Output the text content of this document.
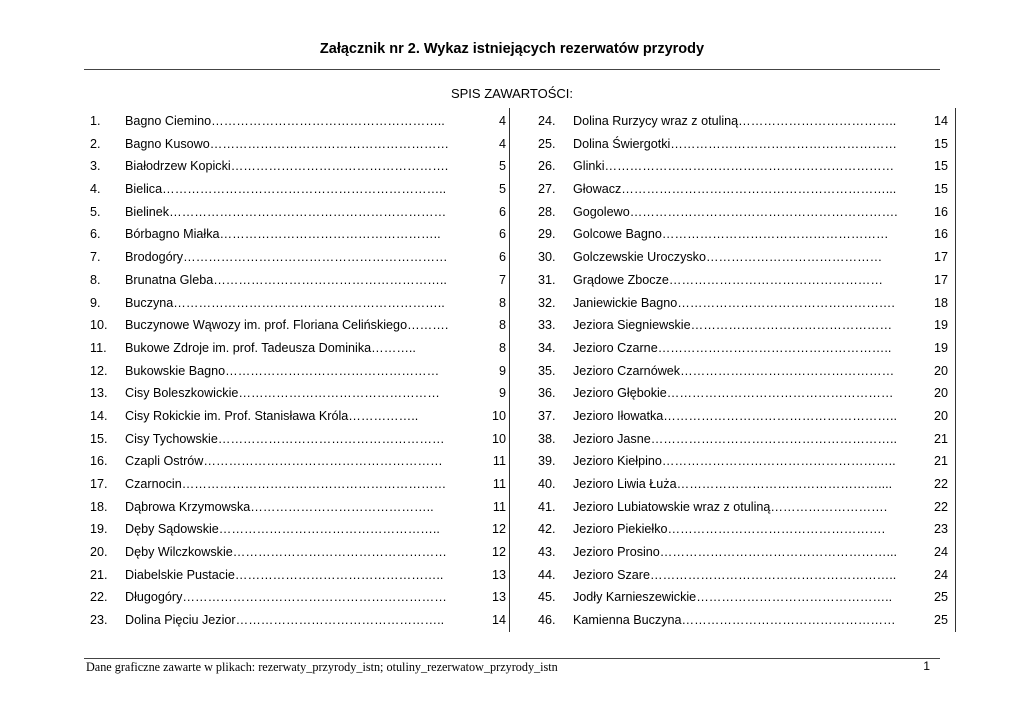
Załącznik nr 2. Wykaz istniejących rezerwatów przyrody
SPIS ZAWARTOŚCI:
1. Bagno Ciemino………………………………………………..	4
2. Bagno Kusowo…………………………………………………	4
3. Białodrzew Kopicki…………………………………………….	5
4. Bielica…………………………………………………………..	5
5. Bielinek…………………………………………………………	6
6. Bórbagno Miałka……………………………………………..	6
7. Brodogóry………………………………………………………	6
8. Brunatna Gleba………………………………………………..	7
9. Buczyna………………………………………………………..	8
10. Buczynowe Wąwozy im. prof. Floriana Celińskiego……….	8
11. Bukowe Zdroje im. prof. Tadeusza Dominika………..	8
12. Bukowskie Bagno……………………………………………	9
13. Cisy Boleszkowickie…………………………………………	9
14. Cisy Rokickie im. Prof. Stanisława Króla……………..	10
15. Cisy Tychowskie………………………………………………	10
16. Czapli Ostrów…………………………………………………	11
17. Czarnocin………………………………………………………	11
18. Dąbrowa Krzymowska……………………………………..	11
19. Dęby Sądowskie……………………………………………..	12
20. Dęby Wilczkowskie……………………………………………	12
21. Diabelskie Pustacie…………………………………………..	13
22. Długogóry………………………………………………………	13
23. Dolina Pięciu Jezior…………………………………………..	14
24. Dolina Rurzycy wraz z otuliną………………………………..	14
25. Dolina Świergotki………………………………………………	15
26. Glinki……………………………………………………………	15
27. Głowacz………………………………………………………...	15
28. Gogolewo……………………………………………………….	16
29. Golcowe Bagno………………………………………………	16
30. Golczewskie Uroczysko……………………………………	17
31. Grądowe Zbocze……………………………………………	17
32. Janiewickie Bagno…………………………………………….	18
33. Jeziora Siegniewskie…………………………………………	19
34. Jezioro Czarne………………………………………………..	19
35. Jezioro Czarnówek……………………………………………	20
36. Jezioro Głębokie………………………………………………	20
37. Jezioro Iłowatka………………………………………………..	20
38. Jezioro Jasne…………………………………………………..	21
39. Jezioro Kiełpino………………………………………………..	21
40. Jezioro Liwia Łuża…………………………………………....	22
41. Jezioro Lubiatowskie wraz z otuliną……………………….	22
42. Jezioro Piekiełko…………………………………………….	23
43. Jezioro Prosino………………………………………………...	24
44. Jezioro Szare…………………………………………………..	24
45. Jodły Karnieszewickie………………………………………..	25
46. Kamienna Buczyna……………………………………………	25
Dane graficzne zawarte w plikach: rezerwaty_przyrody_istn; otuliny_rezerwatow_przyrody_istn	1
